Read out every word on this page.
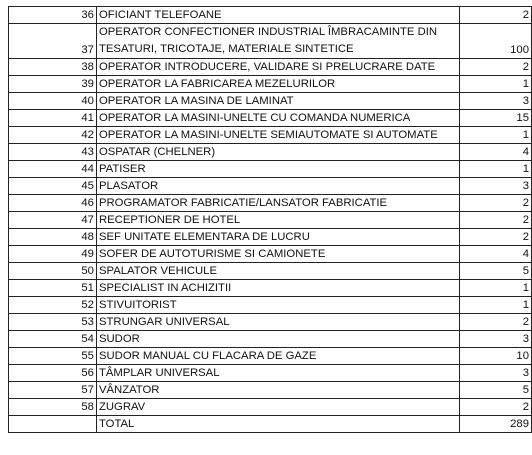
36	OFICIANT TELEFOANE	2
37	OPERATOR CONFECTIONER INDUSTRIAL ÎMBRACAMINTE DIN
TESATURI, TRICOTAJE, MATERIALE SINTETICE	100
38	OPERATOR INTRODUCERE, VALIDARE SI PRELUCRARE DATE	2
39	OPERATOR LA FABRICAREA MEZELURILOR	1
40	OPERATOR LA MASINA DE LAMINAT	3
41	OPERATOR LA MASINI-UNELTE CU COMANDA NUMERICA	15
42	OPERATOR LA MASINI-UNELTE SEMIAUTOMATE SI AUTOMATE	1
43	OSPATAR (CHELNER)	4
44	PATISER	1
45	PLASATOR	3
46	PROGRAMATOR FABRICATIE/LANSATOR FABRICATIE	2
47	RECEPTIONER DE HOTEL	2
48	SEF UNITATE ELEMENTARA DE LUCRU	2
49	SOFER DE AUTOTURISME SI CAMIONETE	4
50	SPALATOR VEHICULE	5
51	SPECIALIST IN ACHIZITII	1
52	STIVUITORIST	1
53	STRUNGAR UNIVERSAL	2
54	SUDOR	3
55	SUDOR MANUAL CU FLACARA DE GAZE	10
56	TÂMPLAR UNIVERSAL	3
57	VÂNZATOR	5
58	ZUGRAV	2
	TOTAL	289
